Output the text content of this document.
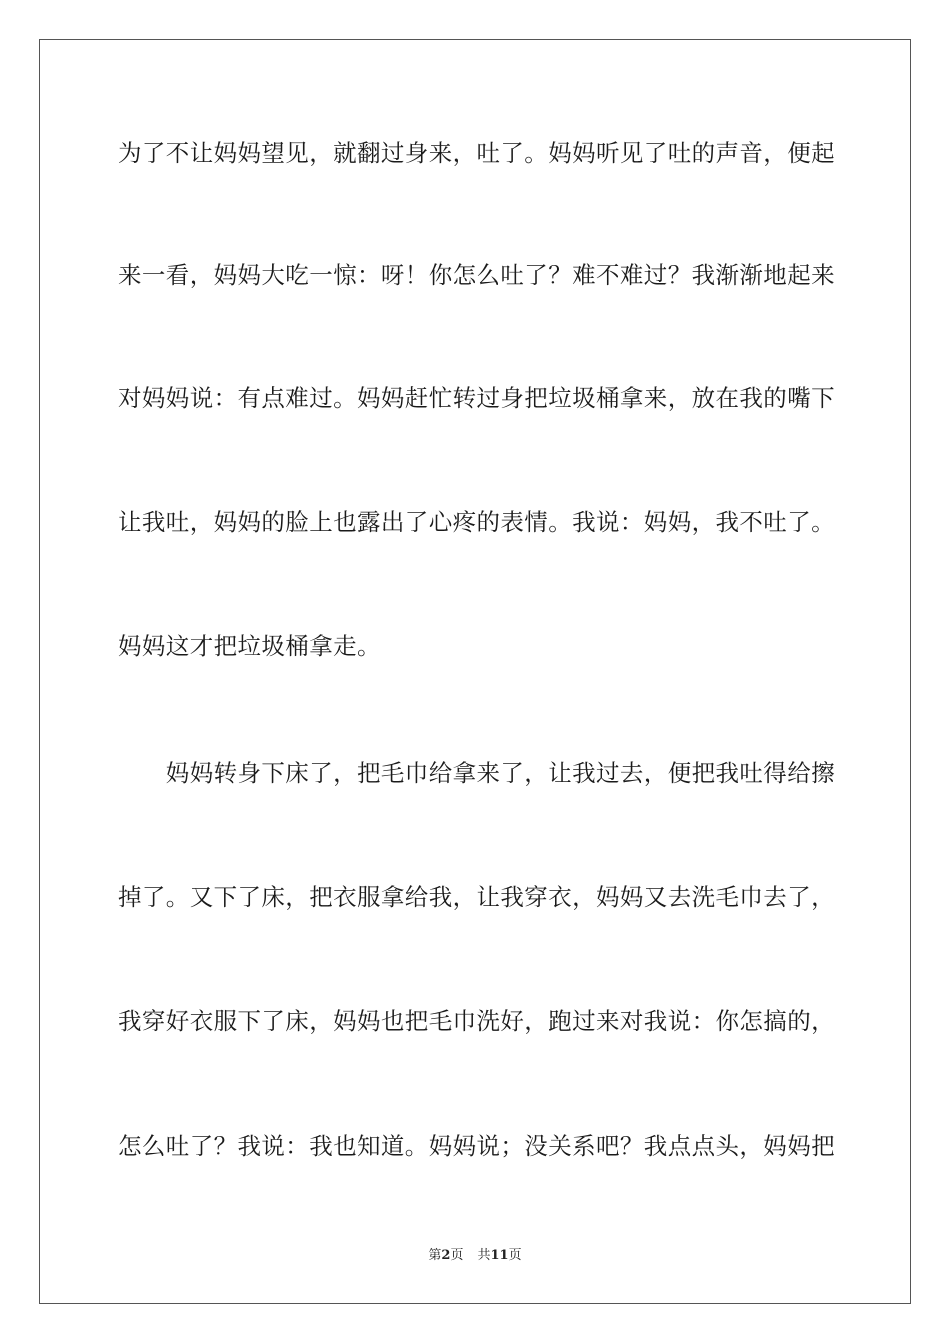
为了不让妈妈望见，就翻过身来，吐了。妈妈听见了吐的声音，便起
来一看，妈妈大吃一惊：呀！你怎么吐了？难不难过？我渐渐地起来
对妈妈说：有点难过。妈妈赶忙转过身把垃圾桶拿来，放在我的嘴下
让我吐，妈妈的脸上也露出了心疼的表情。我说：妈妈，我不吐了。
妈妈这才把垃圾桶拿走。
　　妈妈转身下床了，把毛巾给拿来了，让我过去，便把我吐得给擦
掉了。又下了床，把衣服拿给我，让我穿衣，妈妈又去洗毛巾去了，
我穿好衣服下了床，妈妈也把毛巾洗好，跑过来对我说：你怎搞的，
怎么吐了？我说：我也知道。妈妈说；没关系吧？我点点头，妈妈把
第2页 共11页
